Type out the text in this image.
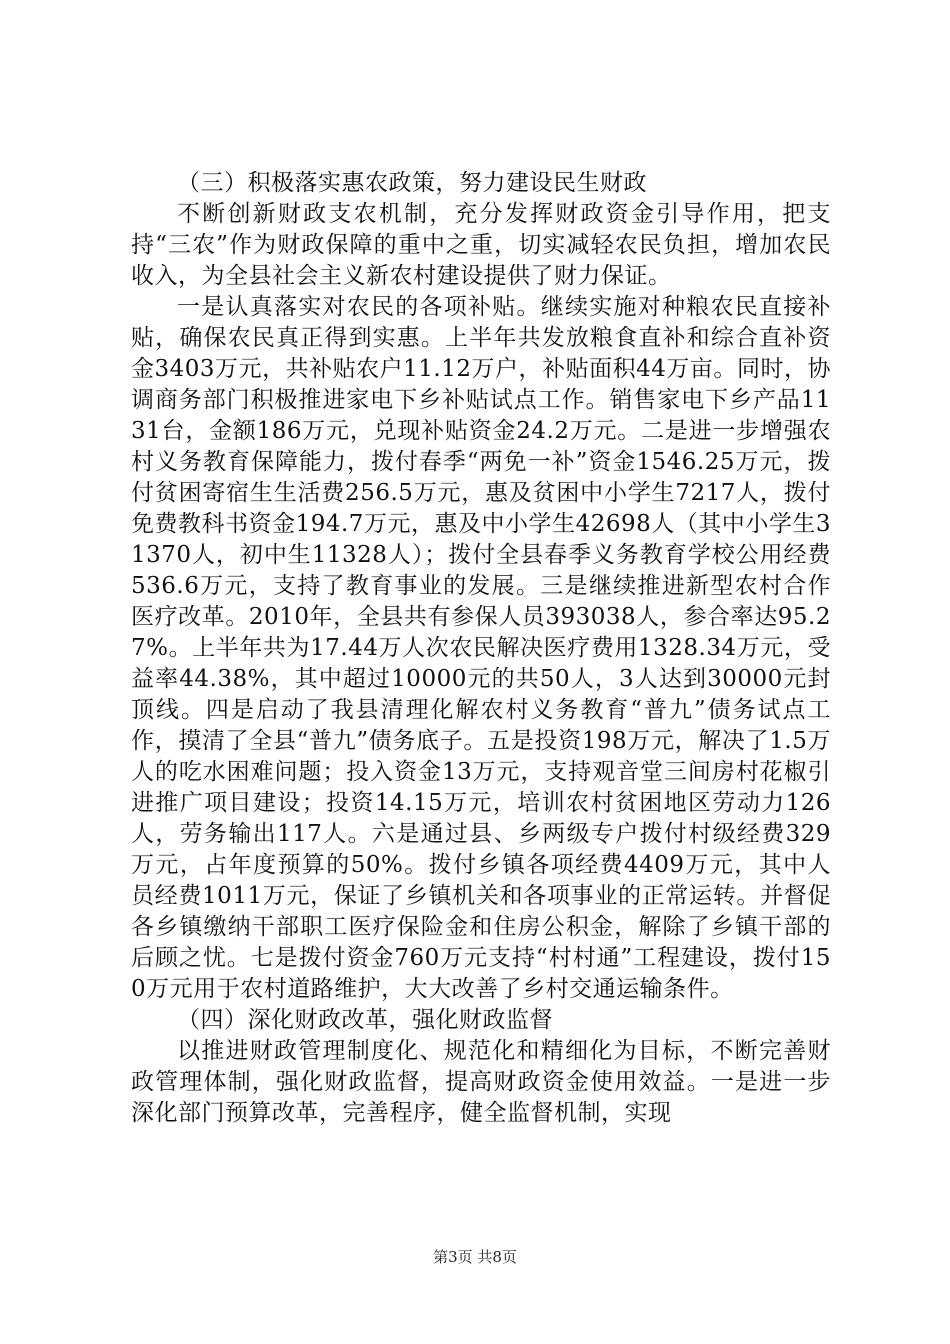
（三）积极落实惠农政策，努力建设民生财政

不断创新财政支农机制，充分发挥财政资金引导作用，把支持“三农”作为财政保障的重中之重，切实减轻农民负担，增加农民收入，为全县社会主义新农村建设提供了财力保证。

一是认真落实对农民的各项补贴。继续实施对种粮农民直接补贴，确保农民真正得到实惠。上半年共发放粮食直补和综合直补资金3403万元，共补贴农户11.12万户，补贴面积44万亩。同时，协调商务部门积极推进家电下乡补贴试点工作。销售家电下乡产品1131台，金额186万元，兑现补贴资金24.2万元。二是进一步增强农村义务教育保障能力，拨付春季“两免一补”资金1546.25万元，拨付贫困寄宿生生活费256.5万元，惠及贫困中小学生7217人，拨付免费教科书资金194.7万元，惠及中小学生42698人（其中小学生31370人，初中生11328人）；拨付全县春季义务教育学校公用经费536.6万元，支持了教育事业的发展。三是继续推进新型农村合作医疗改革。2010年，全县共有参保人员393038人，参合率达95.27%。上半年共为17.44万人次农民解决医疗费用1328.34万元，受益率44.38%，其中超过10000元的共50人，3人达到30000元封顶线。四是启动了我县清理化解农村义务教育“普九”债务试点工作，摸清了全县“普九”债务底子。五是投资198万元，解决了1.5万人的吃水困难问题；投入资金13万元，支持观音堂三间房村花椒引进推广项目建设；投资14.15万元，培训农村贫困地区劳动力126人，劳务输出117人。六是通过县、乡两级专户拨付村级经费329万元，占年度预算的50%。拨付乡镇各项经费4409万元，其中人员经费1011万元，保证了乡镇机关和各项事业的正常运转。并督促各乡镇缴纳干部职工医疗保险金和住房公积金，解除了乡镇干部的后顾之忧。七是拨付资金760万元支持“村村通”工程建设，拨付150万元用于农村道路维护，大大改善了乡村交通运输条件。

（四）深化财政改革，强化财政监督

以推进财政管理制度化、规范化和精细化为目标，不断完善财政管理体制，强化财政监督，提高财政资金使用效益。一是进一步深化部门预算改革，完善程序，健全监督机制，实现

第3页 共8页
